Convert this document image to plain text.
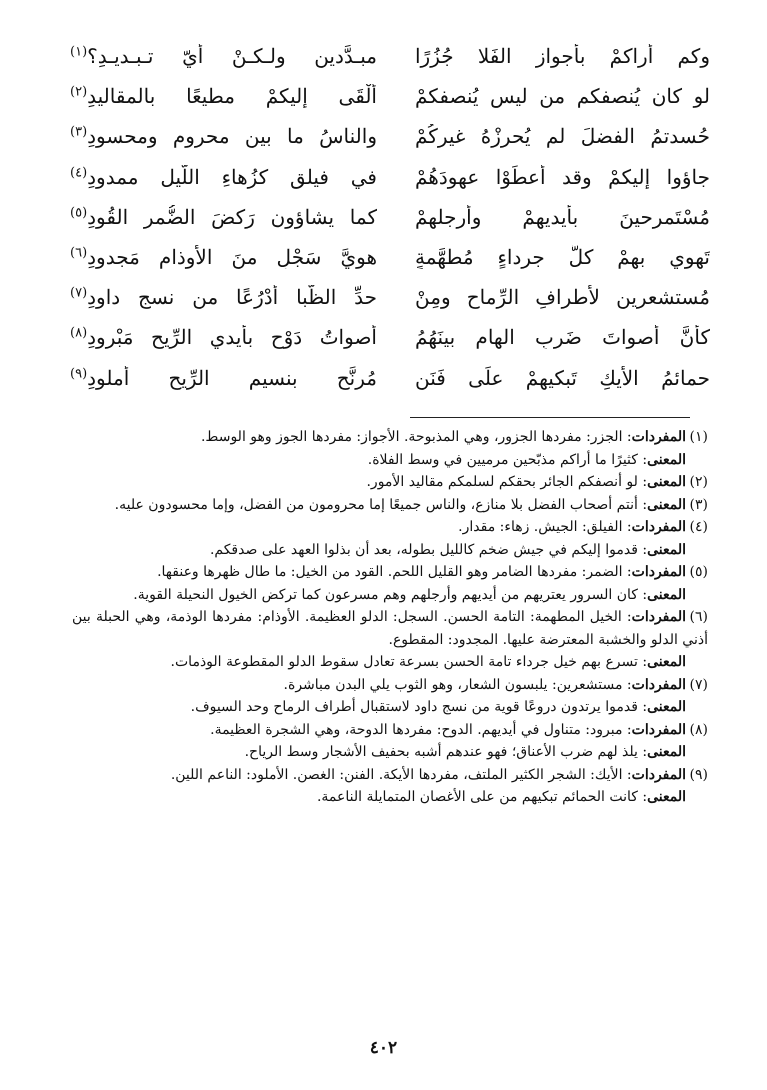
وكم أراكمْ بأجوازِ الفَلا جُزُرًا
مبـدَّدين ولـكـنْ أيّ تـبـديـدِ؟$^{(١)}$
لو كان يُنصفكم من ليس يُنصفكمْ
ألْقَى إليكمْ مطيعًا بالمقاليدِ$^{(٢)}$
حُسدتمُ الفضلَ لم يُحرِزْهُ غيركُمْ
والناسُ ما بين محروم ومحسودِ$^{(٣)}$
جاؤوا إليكمْ وقد أعطَوْا عهودَهُمْ
في فيلقٍ كزُهاءِ اللَّيلِ ممدودِ$^{(٤)}$
مُسْتَمرحينَ بأيديهمْ وأرجلهمْ
كما يشاؤون رَكضَ الضُّمرِ القُودِ$^{(٥)}$
تَهوي بهمْ كلُّ جرداءٍ مُطهَّمةٍ
هويَّ سَجْلٍ منَ الأوذامِ مَجدودِ$^{(٦)}$
مُستشعرين لأطرافِ الرِّماحِ ومِنْ
حدِّ الظُّبا أدْرُعًا من نسجِ داودِ$^{(٧)}$
كأنَّ أصواتَ ضَربِ الهامِ بينَهُمُ
أصواتُ دَوْحٍ بأيدي الرِّيحِ مَبْرودِ$^{(٨)}$
حمائمُ الأيكِ تَبكيهمْ علَى فَنَنٍ
مُرنَّحٍ بنسيمِ الرِّيحِ أُملودِ$^{(٩)}$

(١)المفردات: الجزر: مفردها الجزور، وهي المذبوحة. الأجواز: مفردها الجوز وهو الوسط.

المعنى: كثيرًا ما أراكم مذبّحين مرميين في وسط الفلاة.

(٢)المعنى: لو أنصفكم الجائر بحقكم لسلمكم مقاليد الأمور.

(٣)المعنى: أنتم أصحاب الفضل بلا منازع، والناس جميعًا إما محرومون من الفضل، وإما محسودون عليه.

(٤)المفردات: الفيلق: الجيش. زهاء: مقدار.

المعنى: قدموا إليكم في جيش ضخم كالليل بطوله، بعد أن بذلوا العهد على صدقكم.

(٥)المفردات: الضمر: مفردها الضامر وهو القليل اللحم. القود من الخيل: ما طال ظهرها وعنقها.

المعنى: كان السرور يعتريهم من أيديهم وأرجلهم وهم مسرعون كما تركض الخيول النحيلة القوية.

(٦)المفردات: الخيل المطهمة: التامة الحسن. السجل: الدلو العظيمة. الأوذام: مفردها الوذمة، وهي الحبلة بين أذني الدلو والخشبة المعترضة عليها. المجدود: المقطوع.

المعنى: تسرع بهم خيل جرداء تامة الحسن بسرعة تعادل سقوط الدلو المقطوعة الوذمات.

(٧)المفردات: مستشعرين: يلبسون الشعار، وهو الثوب يلي البدن مباشرة.

المعنى: قدموا يرتدون دروعًا قوية من نسج داود لاستقبال أطراف الرماح وحد السيوف.

(٨)المفردات: مبرود: متناول في أيديهم. الدوح: مفردها الدوحة، وهي الشجرة العظيمة.

المعنى: يلذ لهم ضرب الأعناق؛ فهو عندهم أشبه بحفيف الأشجار وسط الرياح.

(٩)المفردات: الأيك: الشجر الكثير الملتف، مفردها الأيكة. الفنن: الغصن. الأملود: الناعم اللين.

المعنى: كانت الحمائم تبكيهم من على الأغصان المتمايلة الناعمة.

٤٠٢
